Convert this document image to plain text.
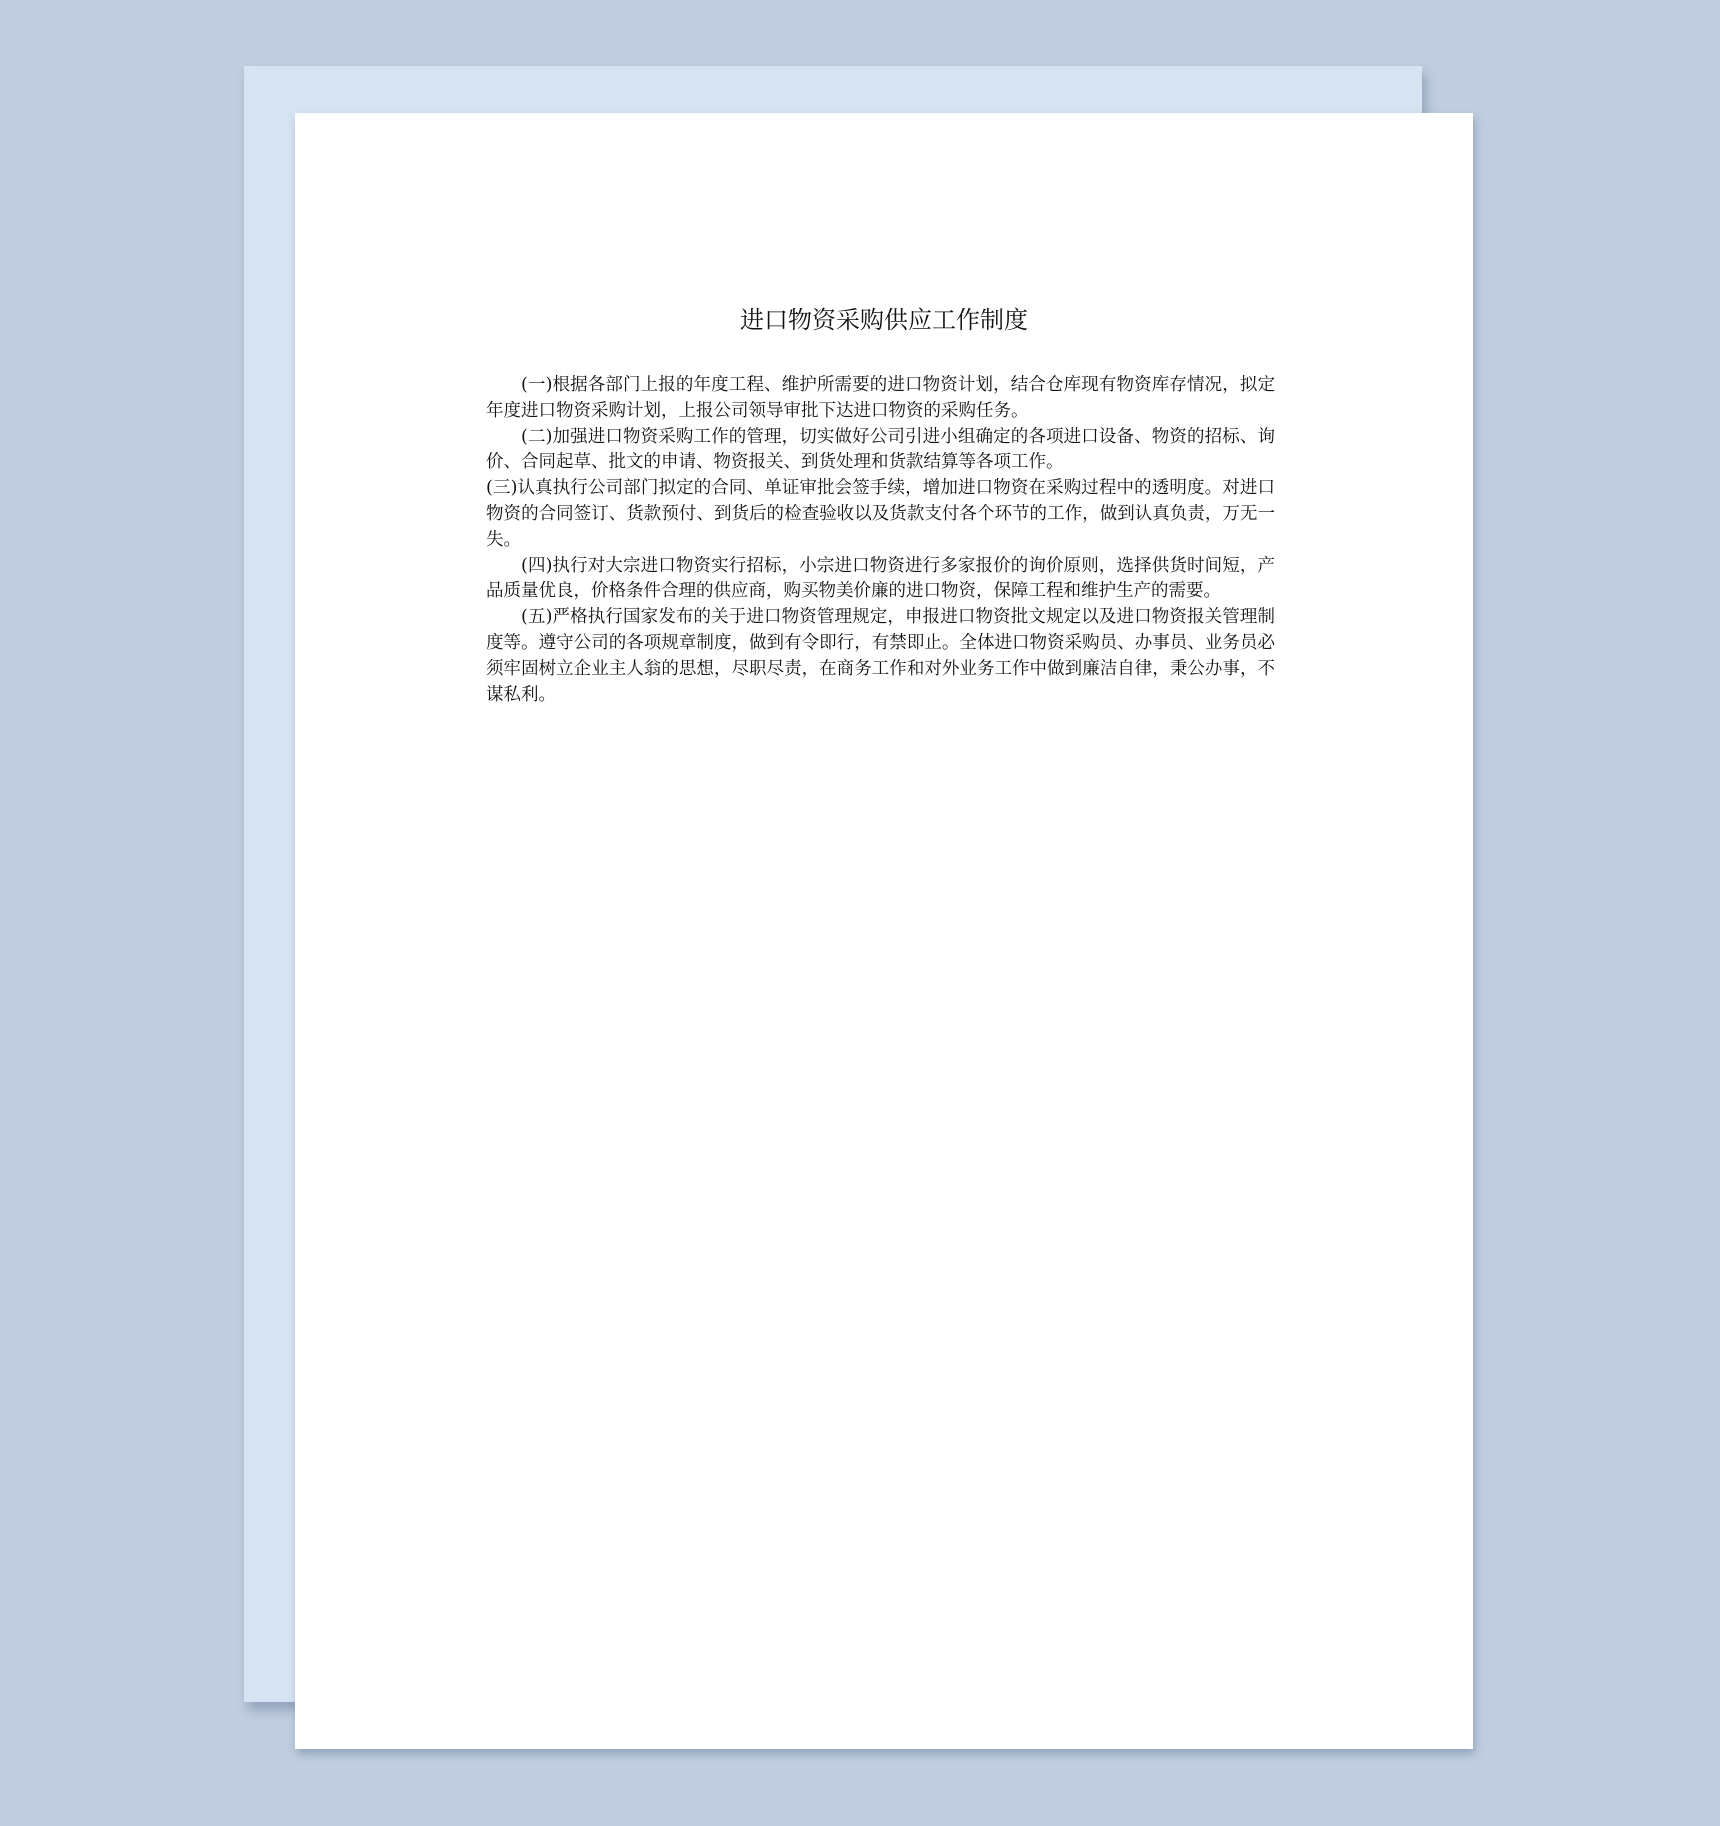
进口物资采购供应工作制度

(一)根据各部门上报的年度工程、维护所需要的进口物资计划，结合仓库现有物资库存情况，拟定年度进口物资采购计划，上报公司领导审批下达进口物资的采购任务。

(二)加强进口物资采购工作的管理，切实做好公司引进小组确定的各项进口设备、物资的招标、询价、合同起草、批文的申请、物资报关、到货处理和货款结算等各项工作。

(三)认真执行公司部门拟定的合同、单证审批会签手续，增加进口物资在采购过程中的透明度。对进口物资的合同签订、货款预付、到货后的检查验收以及货款支付各个环节的工作，做到认真负责，万无一失。

(四)执行对大宗进口物资实行招标，小宗进口物资进行多家报价的询价原则，选择供货时间短，产品质量优良，价格条件合理的供应商，购买物美价廉的进口物资，保障工程和维护生产的需要。

(五)严格执行国家发布的关于进口物资管理规定，申报进口物资批文规定以及进口物资报关管理制度等。遵守公司的各项规章制度，做到有令即行，有禁即止。全体进口物资采购员、办事员、业务员必须牢固树立企业主人翁的思想，尽职尽责，在商务工作和对外业务工作中做到廉洁自律，秉公办事，不谋私利。
